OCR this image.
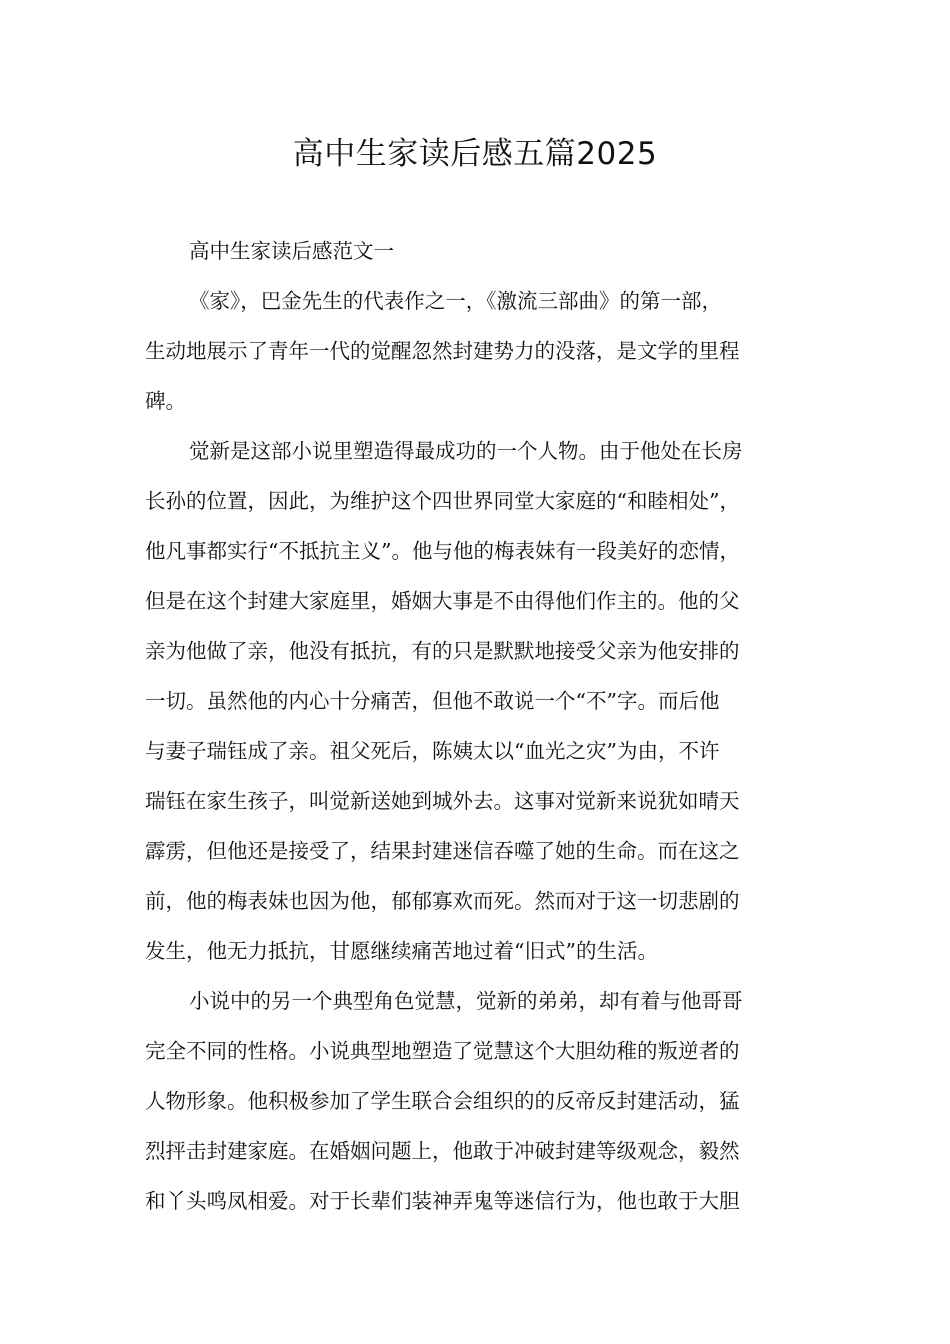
高中生家读后感五篇2025
高中生家读后感范文一
《家》，巴金先生的代表作之一，《激流三部曲》的第一部，
生动地展示了青年一代的觉醒忽然封建势力的没落，是文学的里程
碑。
觉新是这部小说里塑造得最成功的一个人物。由于他处在长房
长孙的位置，因此，为维护这个四世界同堂大家庭的“和睦相处”，
他凡事都实行“不抵抗主义”。他与他的梅表妹有一段美好的恋情，
但是在这个封建大家庭里，婚姻大事是不由得他们作主的。他的父
亲为他做了亲，他没有抵抗，有的只是默默地接受父亲为他安排的
一切。虽然他的内心十分痛苦，但他不敢说一个“不”字。而后他
与妻子瑞钰成了亲。祖父死后，陈姨太以“血光之灾”为由，不许
瑞钰在家生孩子，叫觉新送她到城外去。这事对觉新来说犹如晴天
霹雳，但他还是接受了，结果封建迷信吞噬了她的生命。而在这之
前，他的梅表妹也因为他，郁郁寡欢而死。然而对于这一切悲剧的
发生，他无力抵抗，甘愿继续痛苦地过着“旧式”的生活。
小说中的另一个典型角色觉慧，觉新的弟弟，却有着与他哥哥
完全不同的性格。小说典型地塑造了觉慧这个大胆幼稚的叛逆者的
人物形象。他积极参加了学生联合会组织的的反帝反封建活动，猛
烈抨击封建家庭。在婚姻问题上，他敢于冲破封建等级观念，毅然
和丫头鸣凤相爱。对于长辈们装神弄鬼等迷信行为，他也敢于大胆
